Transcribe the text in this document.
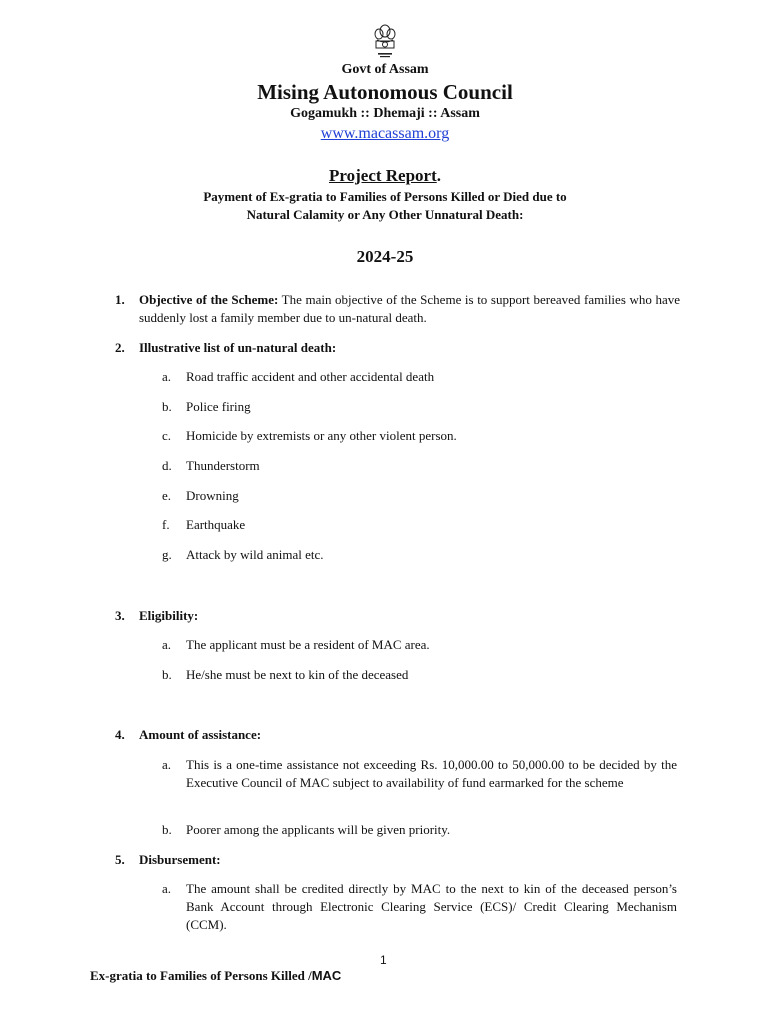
Govt of Assam
Mising Autonomous Council
Gogamukh :: Dhemaji :: Assam
www.macassam.org
Project Report.
Payment of Ex-gratia to Families of Persons Killed or Died due to
Natural Calamity or Any Other Unnatural Death:
2024-25
1. Objective of the Scheme: The main objective of the Scheme is to support bereaved families who have suddenly lost a family member due to un-natural death.
2. Illustrative list of un-natural death:
a. Road traffic accident and other accidental death
b. Police firing
c. Homicide by extremists or any other violent person.
d. Thunderstorm
e. Drowning
f. Earthquake
g. Attack by wild animal etc.
3. Eligibility:
a. The applicant must be a resident of MAC area.
b. He/she must be next to kin of the deceased
4. Amount of assistance:
a. This is a one-time assistance not exceeding Rs. 10,000.00 to 50,000.00 to be decided by the Executive Council of MAC subject to availability of fund earmarked for the scheme
b. Poorer among the applicants will be given priority.
5. Disbursement:
a. The amount shall be credited directly by MAC to the next to kin of the deceased person’s Bank Account through Electronic Clearing Service (ECS)/ Credit Clearing Mechanism (CCM).
1
Ex-gratia to Families of Persons Killed /MAC
